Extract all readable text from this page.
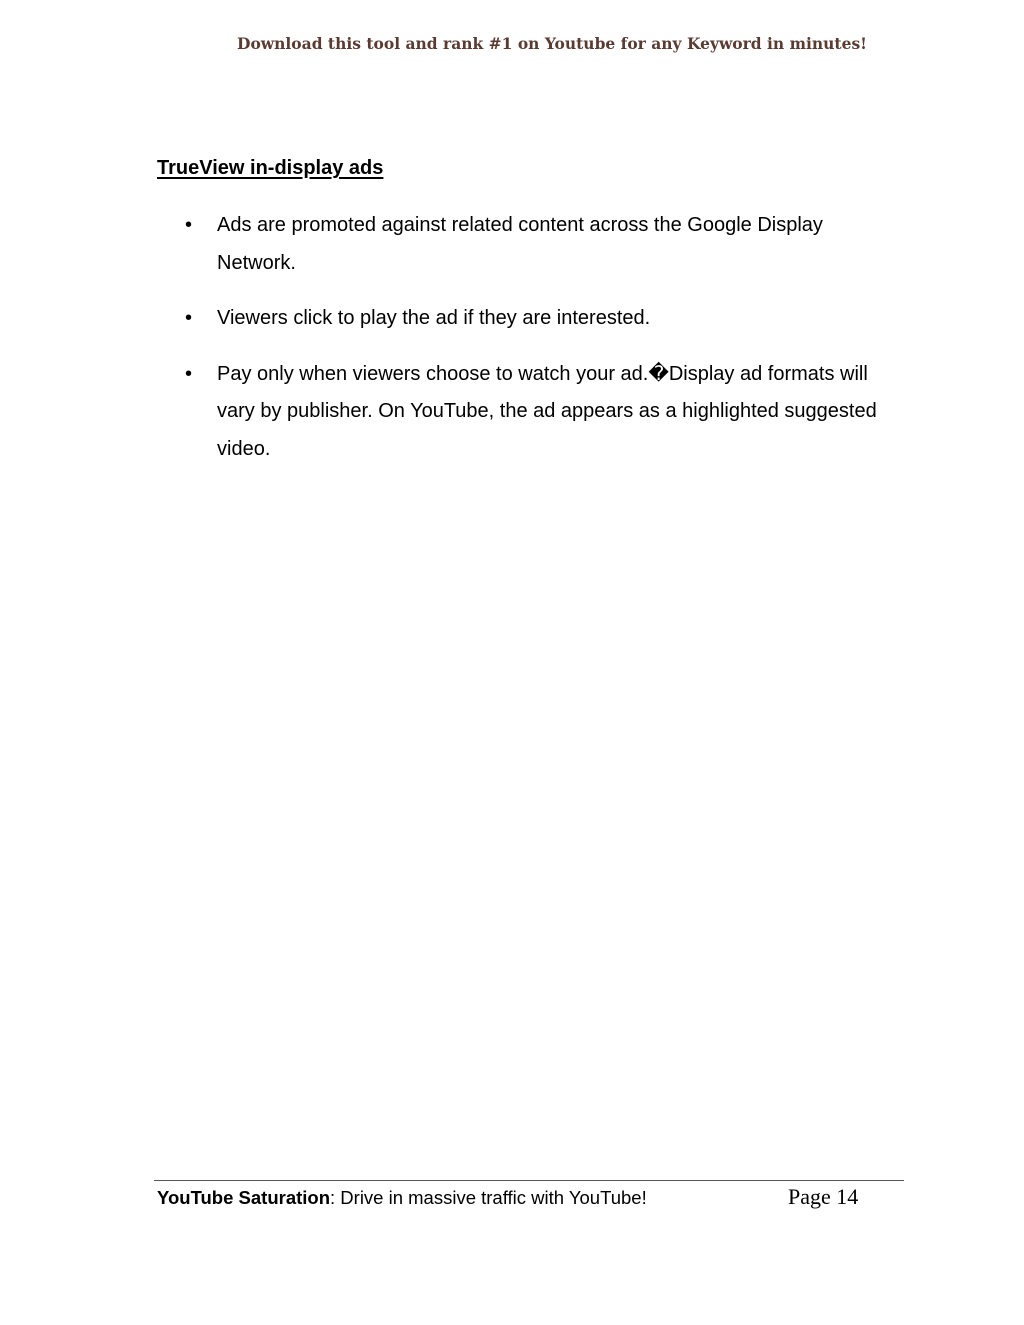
Download this tool and rank #1 on Youtube for any Keyword in minutes!
TrueView in-display ads
• Ads are promoted against related content across the Google Display Network.
• Viewers click to play the ad if they are interested.
• Pay only when viewers choose to watch your ad.�Display ad formats will vary by publisher. On YouTube, the ad appears as a highlighted suggested video.
YouTube Saturation: Drive in massive traffic with YouTube!	Page 14
